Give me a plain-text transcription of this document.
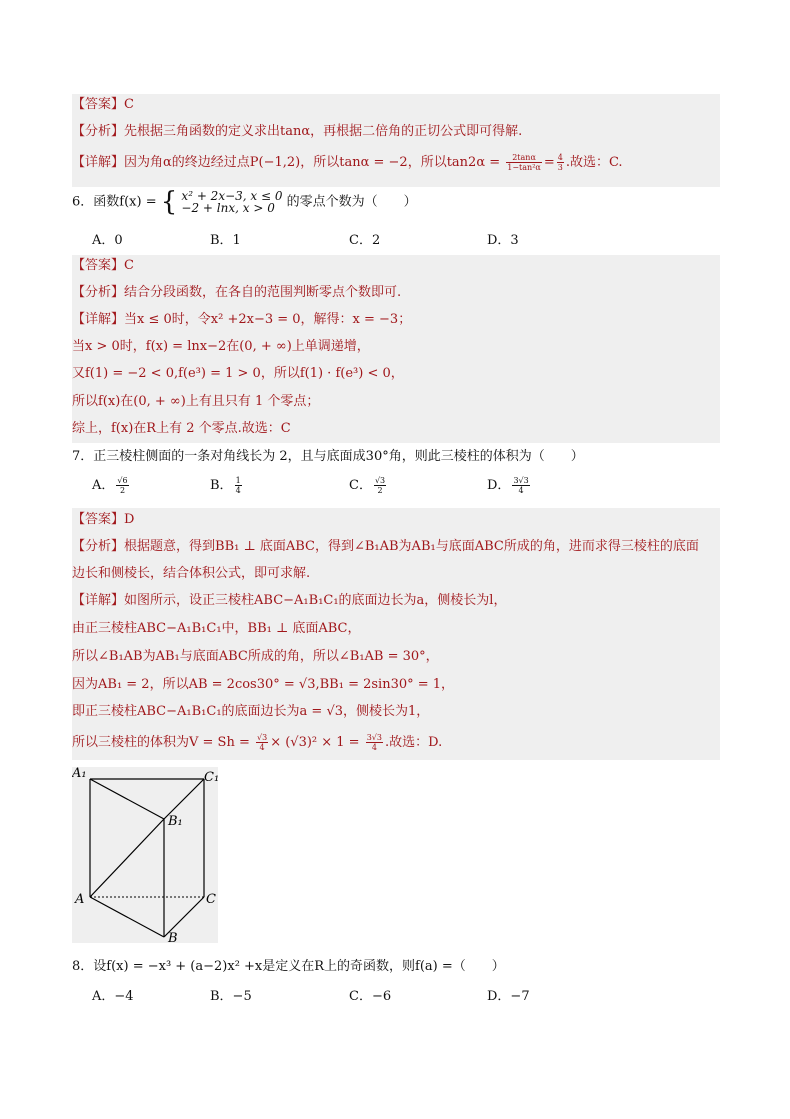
【答案】C
【分析】先根据三角函数的定义求出tanα，再根据二倍角的正切公式即可得解.
【详解】因为角α的终边经过点P(−1,2)，所以tanα = −2，所以$\tan 2\alpha = \frac{2\tan\alpha}{\text{1−tan²α}} = \frac{4}{3}$ .故选：C.
6．函数f(x) = { x² + 2x−3, x ≤ 0
−2 + lnx, x > 0 的零点个数为（　　）
A．0	B．1	C．2	D．3
【答案】C
【分析】结合分段函数，在各自的范围判断零点个数即可.
【详解】当x ≤ 0时，令x² +2x−3 = 0，解得：x = −3；
当x > 0时，f(x) = lnx−2在(0, + ∞)上单调递增，
又f(1) = −2 < 0,f(e³) = 1 > 0，所以f(1) · f(e³) < 0，
所以f(x)在(0, + ∞)上有且只有 1 个零点；
综上，f(x)在R上有 2 个零点.故选：C
7．正三棱柱侧面的一条对角线长为 2，且与底面成30°角，则此三棱柱的体积为（　　）
A． $\frac{√6}{2}$	B． $\frac{1}{4}$	C． $\frac{√3}{2}$	D． $\frac{3√3}{4}$
【答案】D
【分析】根据题意，得到BB₁ ⊥ 底面ABC，得到∠B₁AB为AB₁与底面ABC所成的角，进而求得三棱柱的底面
边长和侧棱长，结合体积公式，即可求解.
【详解】如图所示，设正三棱柱ABC−A₁B₁C₁的底面边长为a，侧棱长为l，
由正三棱柱ABC−A₁B₁C₁中，BB₁ ⊥ 底面ABC，
所以∠B₁AB为AB₁与底面ABC所成的角，所以∠B₁AB = 30°，
因为AB₁ = 2，所以AB = 2cos30° = √3,BB₁ = 2sin30° = 1，
即正三棱柱ABC−A₁B₁C₁的底面边长为a = √3，侧棱长为1，
所以三棱柱的体积为$V = Sh = \frac{√3}{4} \times (√3)^2 \times 1 = \frac{3√3}{4}$ .故选：D.
A₁	C₁
B₁
A	C
B
8．设f(x) = −x³ + (a−2)x² +x是定义在R上的奇函数，则f(a) =（　　）
A．−4	B．−5	C．−6	D．−7
